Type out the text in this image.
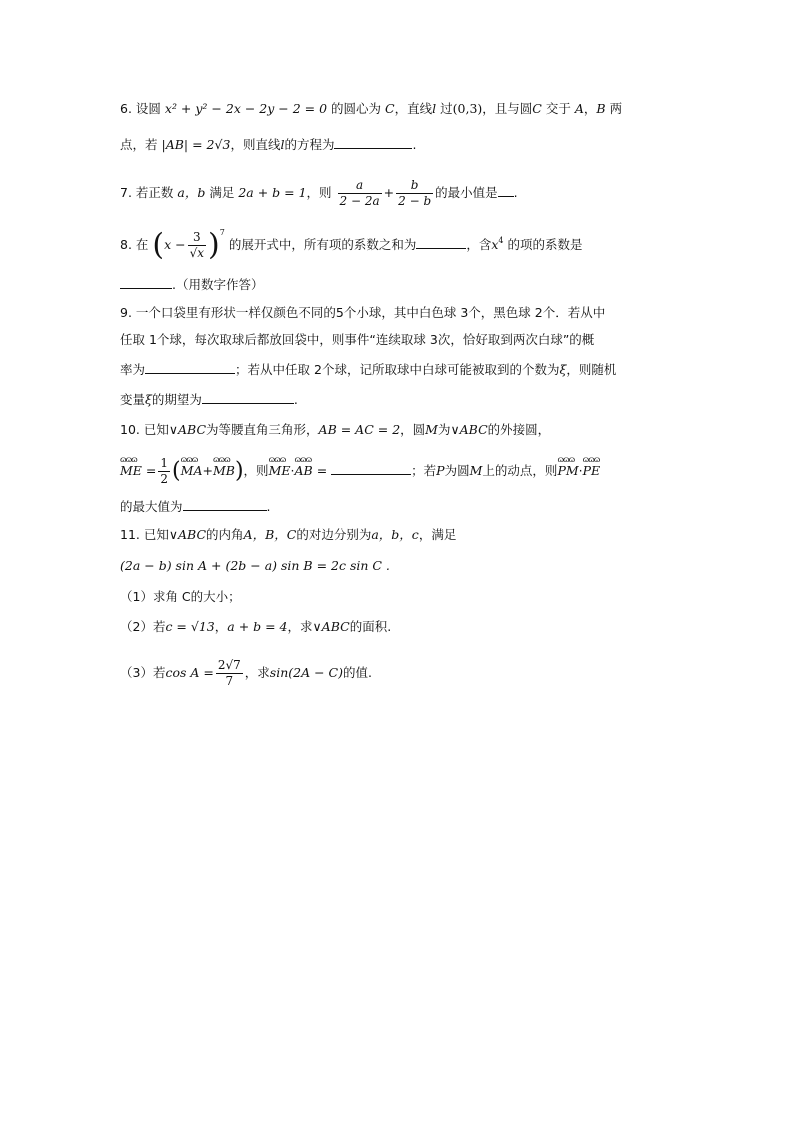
6. 设圆 x² + y² − 2x − 2y − 2 = 0 的圆心为 C，直线l 过(0,3)，且与圆C 交于 A，B 两
点，若 |AB| = 2√3，则直线l的方程为	.
7. 若正数 a，b 满足 2a + b = 1，则 $\frac{a}{2 - 2a} + \frac{b}{2 - b}$ 的最小值是 .
8. 在 $(x - \frac{3}{√x} )^7$ 的展开式中，所有项的系数之和为	，含$x^4$ 的项的系数是
.（用数字作答）
9. 一个口袋里有形状一样仅颜色不同的5个小球，其中白色球 3个，黑色球 2个．若从中
任取 1个球，每次取球后都放回袋中，则事件“连续取球 3次，恰好取到两次白球”的概
率为	；若从中任取 2个球，记所取球中白球可能被取到的个数为ξ，则随机
变量ξ的期望为	.
10. 已知∨ABC为等腰直角三角形，AB = AC = 2，圆M为∨ABC的外接圆，
ɷɷɷ ME = $\frac{1}{2}$ (ɷɷɷ MA+ɷɷɷ MB)，则ɷɷɷ ME·ɷɷɷ AB =	；若P为圆M上的动点，则ɷɷɷ PM·ɷɷɷ PE
的最大值为	.
11. 已知∨ABC的内角A，B，C的对边分别为a，b，c，满足
(2a − b) sin A + (2b − a) sin B = 2c sin C .
（1）求角 C的大小；
（2）若c = √13，a + b = 4，求∨ABC的面积.
（3）若$\cos A = \frac{2√7}{7}$ ，求sin(2A − C)的值.
